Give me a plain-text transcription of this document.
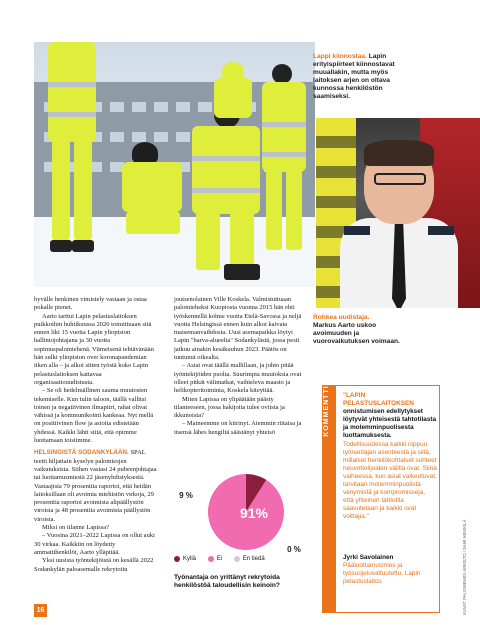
Lappi kiinnostaa. Lapin erityispiirteet kiinnostavat muuallakin, mutta myös laitoksen arjen on oltava kunnossa henkilöstön saamiseksi.
Rohkea uudistaja.
Markus Aarto uskoo avoimuuden ja vuorovaikutuksen voimaan.

hyvälle henkinen vimistely vastaan ja ostaa pokalle pienet.

Aarto tarttui Lapin pelastuslaitoksen puikkoihin huhtikuussa 2020 toimittuaan sitä ennen liki 15 vuotta Lapin yliopiston hallintojohtajana ja 30 vuotta sopimuspalomiehenä. Viimeisenä tehtävänään hän sulki yliopiston over koronapandemian iiken alla – ja alkoi sitten työstä koko Lapin pelastuslaitoksen kattavaa organisaatiouudistusta.

– Se oli hedelmällinen sauma muutosten tekemiselle. Kun tulin taloon, täällä vallitsi toinen ja negatiivinen ilmapiiri, rahat olivat vähissä ja kommunikointi kankeaa. Nyt mellä on positiivinen flow ja asioita edistetään yhdessä. Kaikki lähti siitä, että opimme luottamaan toisiimme.

HELSINGISTÄ SODANKYLÄÄN. SPAL teetti hiljattain kyselyn palomiesjen vaikutuksista. Siihen vastasi 24 pubeenjohtajaa tai luottamusmiestä 22 jäsenyhdistyksestä. Vastaajista 79 prosenttia raportoi, että heidän laitoksillaan oli avoimia miehistön virkoja, 29 prosenttia raportoi avoimista alipäällystön viroista ja 48 prosenttia avoimista päällystön viroista.

Miksi on tilanne Lapissa?

– Vuosina 2021–2022 Lapissa on ollut auki 30 virkaa. Kaikkiin on löydetty ammattihenkilöt, Aarto ylläpitää.

Yksi uusista työntekijöistä on kesällä 2022 Sodankylän paloasemalle rekrytoitu

joutsenolainen Ville Koskela. Valmistuttuaan palomieheksi Kuopiosta vuonna 2015 hän ehti työskennellä kolme vuotta Etelä-Savossa ja neljä vuotta Helsingissä ennen kuin alkoi kaivata maisemanvaihdosta. Uusi asemapaikka löytyi Lapin "barva-alueelta" Sodankylästä, jossa pesti jatkuu ainakin kesäkuuhun 2023. Päätös on tuntunut oikealta.

– Asiat ovat täällä mallillaan, ja johto pitää työntekijöiden puolta. Suurimpia muutoksia ovat olleet pitkät välimatkat, vaihteleva maasto ja helikopteritoiminta, Koskela kiteyttää.

Miten Lapissa on ylipäätään päästy tilanteeseen, jossa hakijoita tulee oviista ja ikkunoista?

– Maineemme on kiirinyt. Aiemmin riitaisa ja itsensä lähes hengiltä säästänyt yhteisö

9 %
91%
0 %
Kyllä
	Ei
	En tiedä
Työnantaja on yrittänyt rekrytoida henkilöstöä taloudellisin keinoin?
KOMMENTTI	"LAPIN PELASTUSLAITOKSEN onnistumisen edellytykset löytyvät yhteisestä tahtotilasta ja molemminpuolisesta luottamuksesta.
Todellisuudessa kaikki riippuu työnantajan asenteesta ja siitä, millaiset henkilökohtaiset suhteet neuvottelijoiden välillä ovat. Siinä vaiheessa, kun asiat valkeutuvat, tarvitaan molemminpuolista venymistä ja kompromisseja, että yhteinen tahtotila saavutetaan ja kaikki ovat voittajia."
Jyrki Savolainen
Pääluottamusmies ja työsuojeluvaltuutettu, Lapin pelastuslaitos	KUVAT: PALOMIEHEN ARKISTO / SAMI HEIKKILÄ
16
